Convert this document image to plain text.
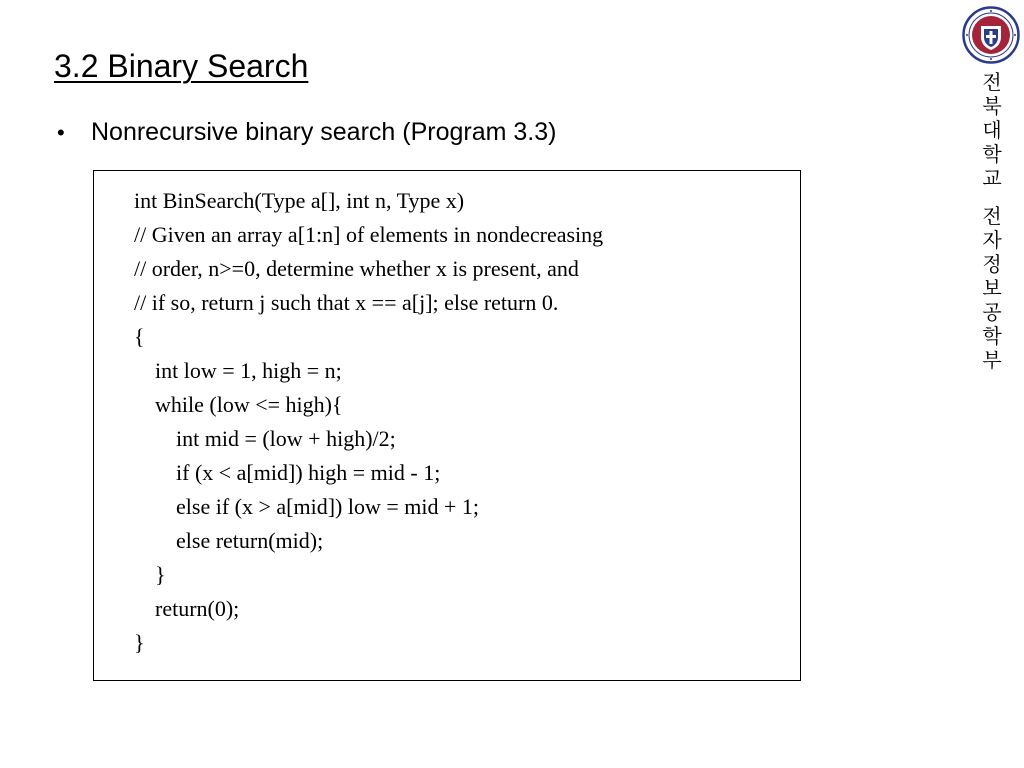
3.2 Binary Search
•	Nonrecursive binary search (Program 3.3)
int BinSearch(Type a[], int n, Type x)
// Given an array a[1:n] of elements in nondecreasing
// order, n>=0, determine whether x is present, and
// if so, return j such that x == a[j]; else return 0.
{
int low = 1, high = n;
while (low <= high){
int mid = (low + high)/2;
if (x < a[mid]) high = mid - 1;
else if (x > a[mid]) low = mid + 1;
else return(mid);
}
return(0);
}
전
북
대
학
교
전
자
정
보
공
학
부
